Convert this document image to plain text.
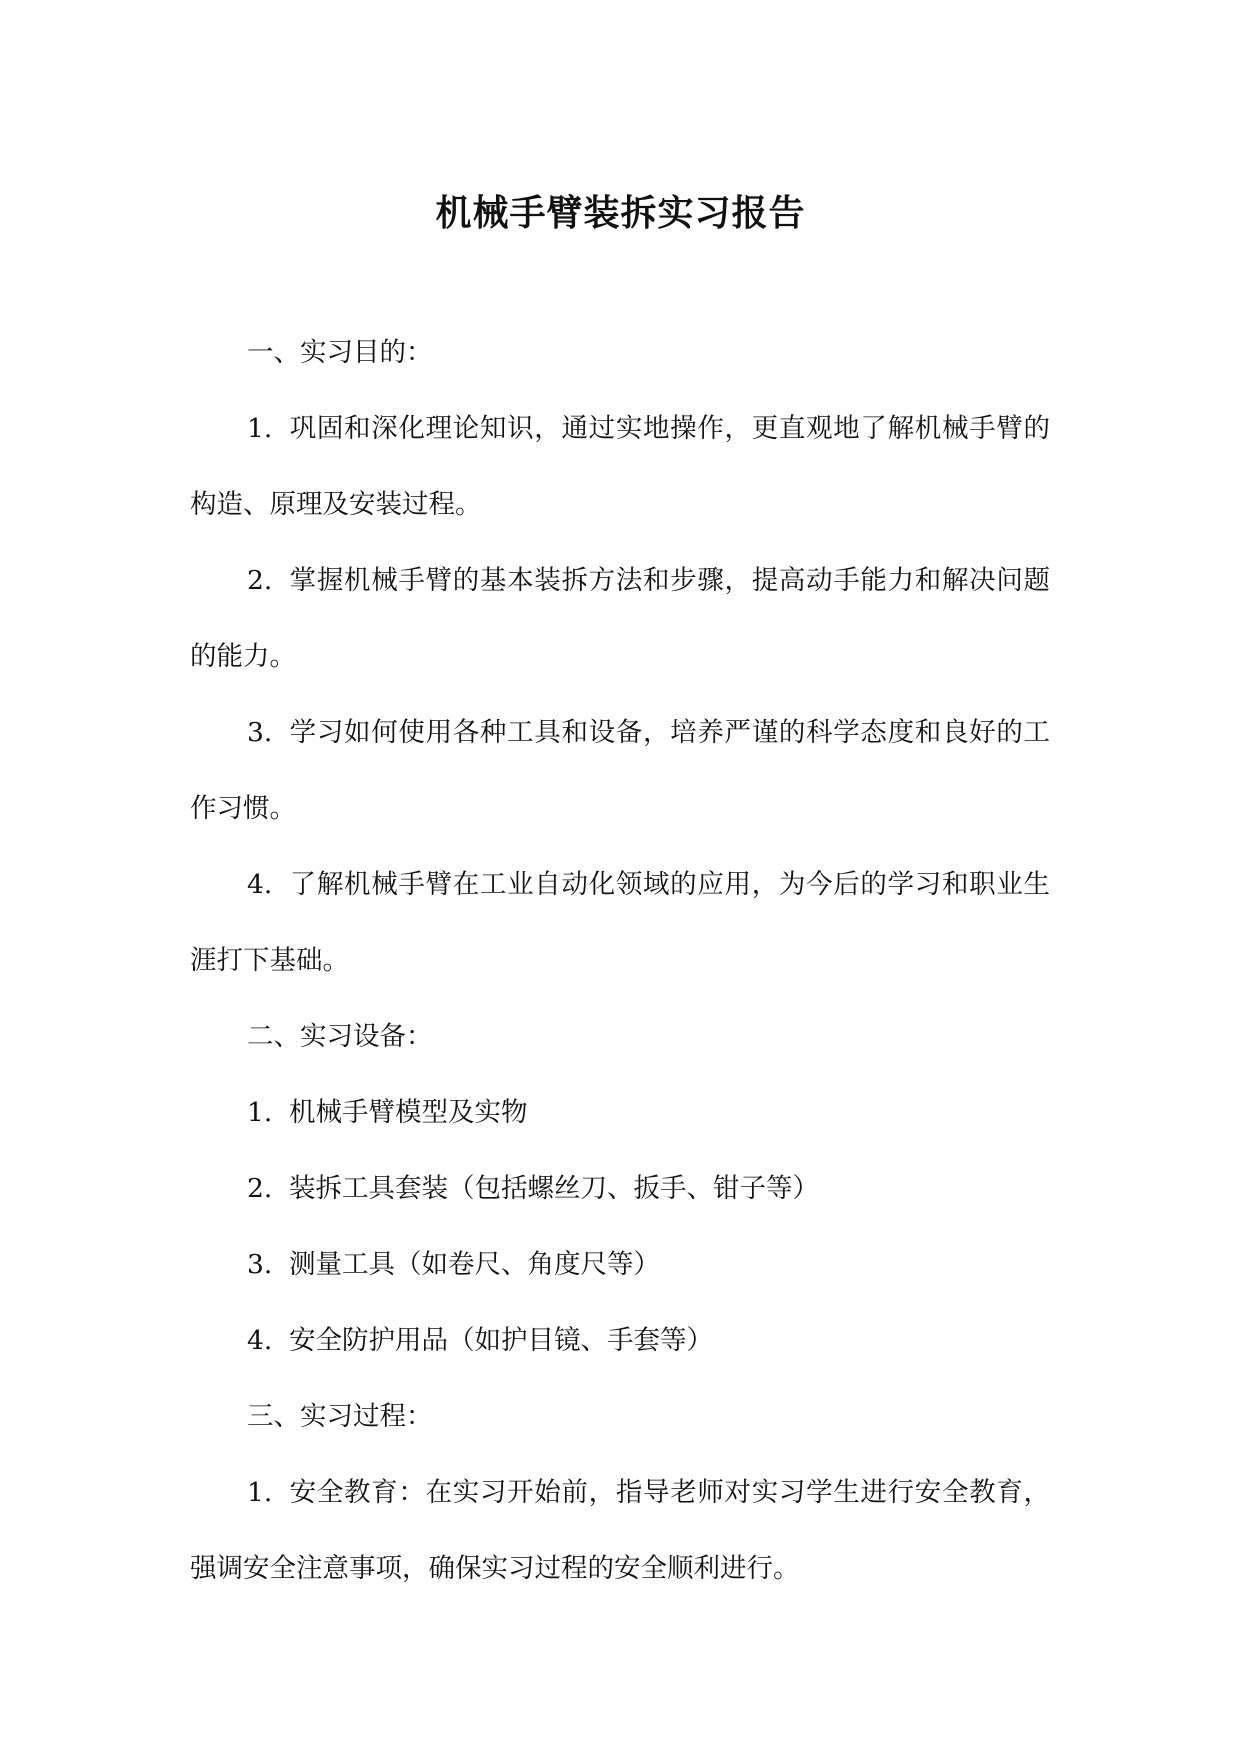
机械手臂装拆实习报告

一、实习目的：

1. 巩固和深化理论知识，通过实地操作，更直观地了解机械手臂的构造、原理及安装过程。

2. 掌握机械手臂的基本装拆方法和步骤，提高动手能力和解决问题的能力。

3. 学习如何使用各种工具和设备，培养严谨的科学态度和良好的工作习惯。

4. 了解机械手臂在工业自动化领域的应用，为今后的学习和职业生涯打下基础。

二、实习设备：

1. 机械手臂模型及实物

2. 装拆工具套装（包括螺丝刀、扳手、钳子等）

3. 测量工具（如卷尺、角度尺等）

4. 安全防护用品（如护目镜、手套等）

三、实习过程：

1. 安全教育：在实习开始前，指导老师对实习学生进行安全教育，强调安全注意事项，确保实习过程的安全顺利进行。
